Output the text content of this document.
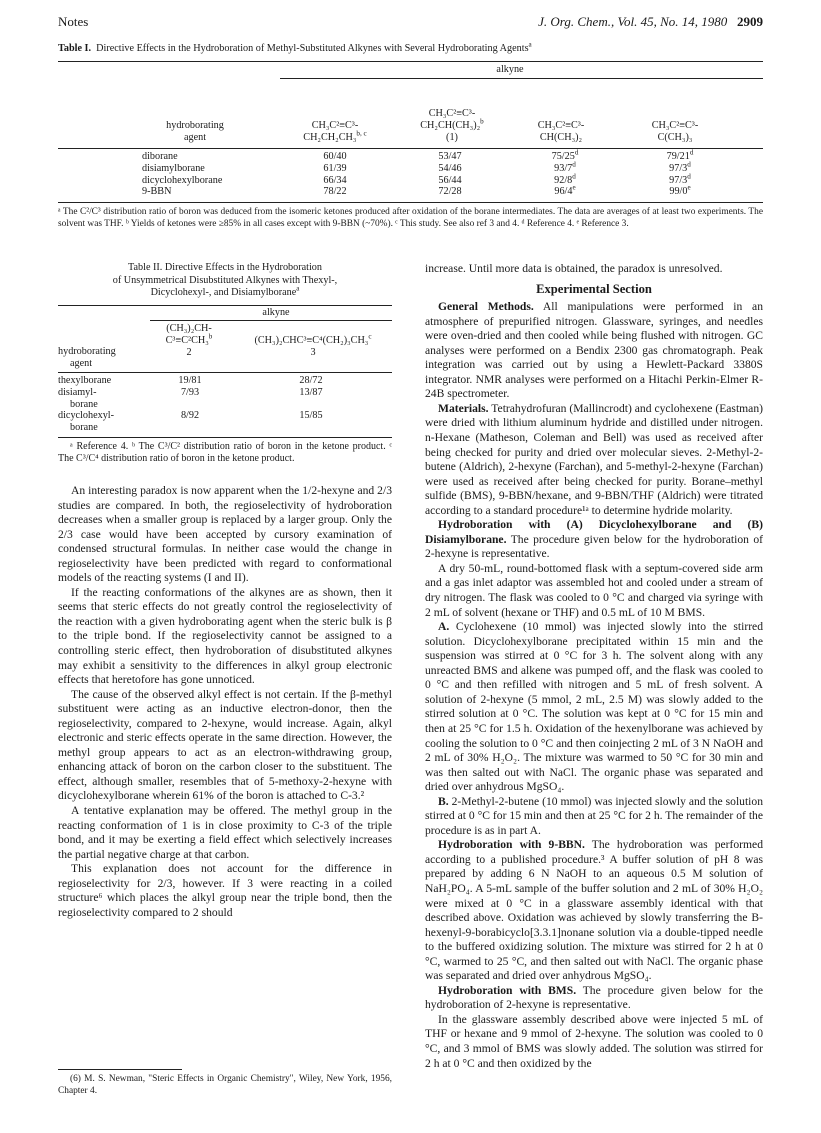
Notes	J. Org. Chem., Vol. 45, No. 14, 1980 2909
Table I. Directive Effects in the Hydroboration of Methyl-Substituted Alkynes with Several Hydroborating Agents$^a$
alkyne
hydroborating
agent
CH₃C²≡C³-
CH₂CH₂CH₃$^{b, c}$
CH₃C²≡C³-
CH₂CH(CH₃)₂$^b$
(1)
CH₃C²≡C³-
CH(CH₃)₂
CH₃C²≡C³-
C(CH₃)₃
diborane	60/40	53/47	75/25$^d$	79/21$^d$
disiamylborane	61/39	54/46	93/7$^d$	97/3$^d$
dicyclohexylborane	66/34	56/44	92/8$^d$	97/3$^d$
9-BBN	78/22	72/28	96/4e	99/0e
ᵃ The C²/C³ distribution ratio of boron was deduced from the isomeric ketones produced after oxidation of the borane intermediates. The data are averages of at least two experiments. The solvent was THF. ᵇ Yields of ketones were ≥85% in all cases except with 9-BBN (~70%). ᶜ This study. See also ref 3 and 4. ᵈ Reference 4. ᵉ Reference 3.
Table II. Directive Effects in the Hydroboration
of Unsymmetrical Disubstituted Alkynes with Thexyl-,
Dicyclohexyl-, and Disiamylborane$^a$
alkyne
hydroborating
agent
(CH₃)₂CH-
C³≡C²CH₃$^b$
2
(CH₃)₂CHC³≡C⁴(CH₂)₃CH₃$^c$
3
thexylborane	19/81	28/72
disiamyl-	7/93	13/87
borane
dicyclohexyl-	8/92	15/85
borane
ᵃ Reference 4. ᵇ The C³/C² distribution ratio of boron in the ketone product. ᶜ The C³/C⁴ distribution ratio of boron in the ketone product.

An interesting paradox is now apparent when the 1/2-hexyne and 2/3 studies are compared. In both, the regioselectivity of hydroboration decreases when a smaller group is replaced by a larger group. Only the 2/3 case would have been accepted by cursory examination of condensed structural formulas. In neither case would the change in regioselectivity have been predicted with regard to conformational models of the reacting systems (I and II).

If the reacting conformations of the alkynes are as shown, then it seems that steric effects do not greatly control the regioselectivity of the reaction with a given hydroborating agent when the steric bulk is β to the triple bond. If the regioselectivity cannot be assigned to a controlling steric effect, then hydroboration of disubstituted alkynes may exhibit a sensitivity to the differences in alkyl group electronic effects that heretofore has gone unnoticed.

The cause of the observed alkyl effect is not certain. If the β-methyl substituent were acting as an inductive electron-donor, then the regioselectivity, compared to 2-hexyne, would increase. Again, alkyl electronic and steric effects operate in the same direction. However, the methyl group appears to act as an electron-withdrawing group, enhancing attack of boron on the carbon closer to the substituent. The effect, although smaller, resembles that of 5-methoxy-2-hexyne with dicyclohexylborane wherein 61% of the boron is attached to C-3.²

A tentative explanation may be offered. The methyl group in the reacting conformation of 1 is in close proximity to C-3 of the triple bond, and it may be exerting a field effect which selectively increases the partial negative charge at that carbon.

This explanation does not account for the difference in regioselectivity for 2/3, however. If 3 were reacting in a coiled structure⁶ which places the alkyl group near the triple bond, then the regioselectivity compared to 2 should

(6) M. S. Newman, "Steric Effects in Organic Chemistry", Wiley, New York, 1956, Chapter 4.

increase. Until more data is obtained, the paradox is unresolved.

Experimental Section

General Methods. All manipulations were performed in an atmosphere of prepurified nitrogen. Glassware, syringes, and needles were oven-dried and then cooled while being flushed with nitrogen. GC analyses were performed on a Bendix 2300 gas chromatograph. Peak integration was carried out by using a Hewlett-Packard 3380S integrator. NMR analyses were performed on a Hitachi Perkin-Elmer R-24B spectrometer.

Materials. Tetrahydrofuran (Mallincrodt) and cyclohexene (Eastman) were dried with lithium aluminum hydride and distilled under nitrogen. n-Hexane (Matheson, Coleman and Bell) was used as received after being checked for purity and dried over molecular sieves. 2-Methyl-2-butene (Aldrich), 2-hexyne (Farchan), and 5-methyl-2-hexyne (Farchan) were used as received after being checked for purity. Borane–methyl sulfide (BMS), 9-BBN/hexane, and 9-BBN/THF (Aldrich) were titrated according to a standard procedure¹ᵃ to determine hydride molarity.

Hydroboration with (A) Dicyclohexylborane and (B) Disiamylborane. The procedure given below for the hydroboration of 2-hexyne is representative.

A dry 50-mL, round-bottomed flask with a septum-covered side arm and a gas inlet adaptor was assembled hot and cooled under a stream of dry nitrogen. The flask was cooled to 0 °C and charged via syringe with 2 mL of solvent (hexane or THF) and 0.5 mL of 10 M BMS.

A. Cyclohexene (10 mmol) was injected slowly into the stirred solution. Dicyclohexylborane precipitated within 15 min and the suspension was stirred at 0 °C for 3 h. The solvent along with any unreacted BMS and alkene was pumped off, and the flask was cooled to 0 °C and then refilled with nitrogen and 5 mL of fresh solvent. A solution of 2-hexyne (5 mmol, 2 mL, 2.5 M) was slowly added to the stirred solution at 0 °C. The solution was kept at 0 °C for 15 min and then at 25 °C for 1.5 h. Oxidation of the hexenylborane was achieved by cooling the solution to 0 °C and then coinjecting 2 mL of 3 N NaOH and 2 mL of 30% H₂O₂. The mixture was warmed to 50 °C for 30 min and was then salted out with NaCl. The organic phase was separated and dried over anhydrous MgSO₄.

B. 2-Methyl-2-butene (10 mmol) was injected slowly and the solution stirred at 0 °C for 15 min and then at 25 °C for 2 h. The remainder of the procedure is as in part A.

Hydroboration with 9-BBN. The hydroboration was performed according to a published procedure.³ A buffer solution of pH 8 was prepared by adding 6 N NaOH to an aqueous 0.5 M solution of NaH₂PO₄. A 5-mL sample of the buffer solution and 2 mL of 30% H₂O₂ were mixed at 0 °C in a glassware assembly identical with that described above. Oxidation was achieved by slowly transferring the B-hexenyl-9-borabicyclo[3.3.1]nonane solution via a double-tipped needle to the buffered oxidizing solution. The mixture was stirred for 2 h at 0 °C, warmed to 25 °C, and then salted out with NaCl. The organic phase was separated and dried over anhydrous MgSO₄.

Hydroboration with BMS. The procedure given below for the hydroboration of 2-hexyne is representative.

In the glassware assembly described above were injected 5 mL of THF or hexane and 9 mmol of 2-hexyne. The solution was cooled to 0 °C, and 3 mmol of BMS was slowly added. The solution was stirred for 2 h at 0 °C and then oxidized by the
